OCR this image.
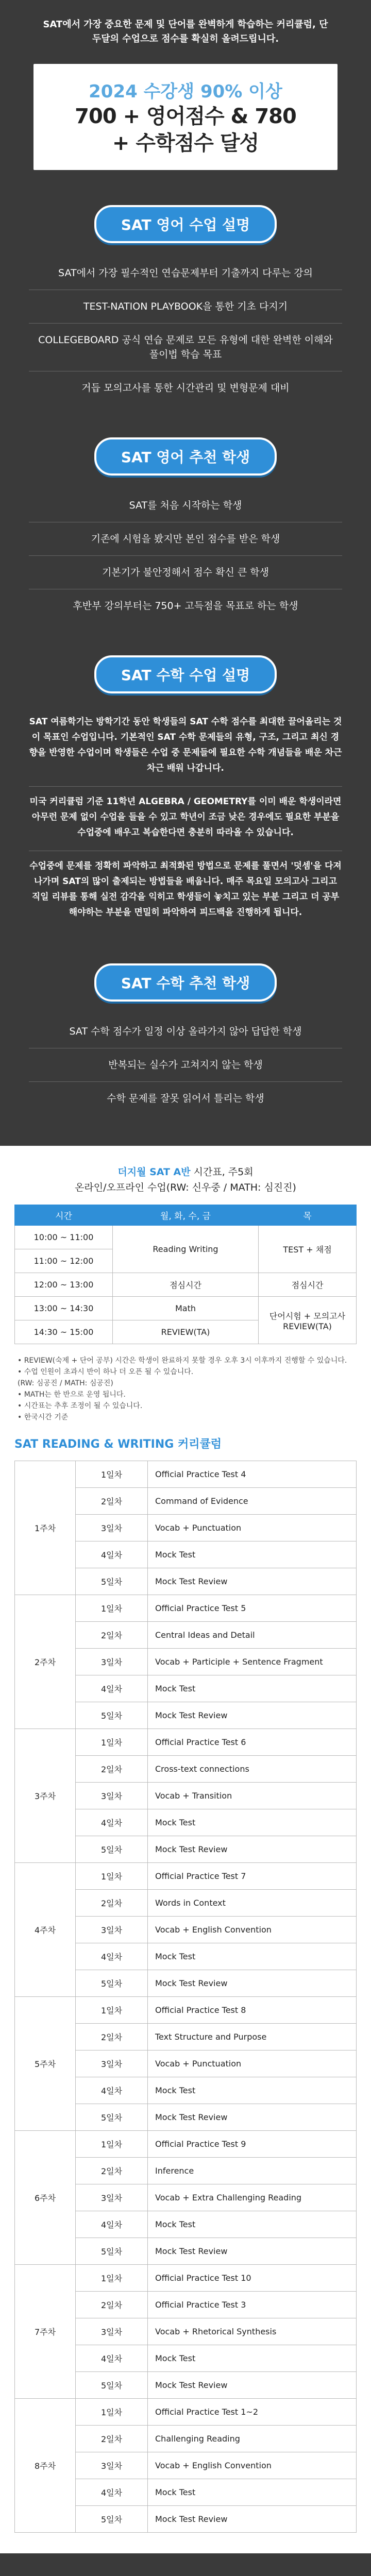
SAT에서 가장 중요한 문제 및 단어를 완벽하게 학습하는 커리큘럼, 단 두달의 수업으로 점수를 확실히 올려드립니다.

2024 수강생 90% 이상
700 + 영어점수 & 780
+ 수학점수 달성
SAT 영어 수업 설명
SAT에서 가장 필수적인 연습문제부터 기출까지 다루는 강의
TEST-NATION PLAYBOOK을 통한 기초 다지기
COLLEGEBOARD 공식 연습 문제로 모든 유형에 대한 완벽한 이해와 풀이법 학습 목표
거듭 모의고사를 통한 시간관리 및 변형문제 대비
SAT 영어 추천 학생
SAT를 처음 시작하는 학생
기존에 시험을 봤지만 본인 점수를 받은 학생
기본기가 불안정해서 점수 확신 큰 학생
후반부 강의부터는 750+ 고득점을 목표로 하는 학생
SAT 수학 수업 설명

SAT 여름학기는 방학기간 동안 학생들의 SAT 수학 점수를 최대한 끌어올리는 것이 목표인 수업입니다. 기본적인 SAT 수학 문제들의 유형, 구조, 그리고 최신 경향을 반영한 수업이며 학생들은 수업 중 문제들에 필요한 수학 개념들을 배운 차근차근 배워 나갑니다.

미국 커리큘럼 기준 11학년 ALGEBRA / GEOMETRY를 이미 배운 학생이라면 아무런 문제 없이 수업을 들을 수 있고 학년이 조금 낮은 경우에도 필요한 부분을 수업중에 배우고 복습한다면 충분히 따라올 수 있습니다.

수업중에 문제를 정확히 파악하고 최적화된 방법으로 문제를 풀면서 '덧셈'을 다져 나가며 SAT의 많이 출제되는 방법들을 배웁니다. 매주 목요일 모의고사 그리고 직일 리뷰를 통해 실전 감각을 익히고 학생들이 놓치고 있는 부분 그리고 더 공부해야하는 부분을 면밀히 파악하여 피드백을 진행하게 됩니다.

SAT 수학 추천 학생
SAT 수학 점수가 일정 이상 올라가지 않아 답답한 학생
반복되는 실수가 고쳐지지 않는 학생
수학 문제를 잘못 읽어서 틀리는 학생
더지월 SAT A반 시간표, 주5회
온라인/오프라인 수업(RW: 신우중 / MATH: 심진진)
시간	월, 화, 수, 금	목
10:00 ~ 11:00	Reading Writing	TEST + 채점
11:00 ~ 12:00		
12:00 ~ 13:00	점심시간	점심시간
13:00 ~ 14:30	Math	단어시험 + 모의고사 REVIEW(TA)
14:30 ~ 15:00	REVIEW(TA)	

• REVIEW(숙제 + 단어 공부) 시간은 학생이 완료하지 못할 경우 오후 3시 이후까지 진행할 수 있습니다.

• 수업 인원이 초과시 반이 하나 더 오픈 될 수 있습니다.

(RW: 심공진 / MATH: 심공진)

• MATH는 한 반으로 운영 됩니다.

• 시간표는 추후 조정이 될 수 있습니다.

• 한국시간 기준

SAT READING & WRITING 커리큘럼
1주차	1일차	Official Practice Test 4
	2일차	Command of Evidence
	3일차	Vocab + Punctuation
	4일차	Mock Test
	5일차	Mock Test Review
2주차	1일차	Official Practice Test 5
	2일차	Central Ideas and Detail
	3일차	Vocab + Participle + Sentence Fragment
	4일차	Mock Test
	5일차	Mock Test Review
3주차	1일차	Official Practice Test 6
	2일차	Cross-text connections
	3일차	Vocab + Transition
	4일차	Mock Test
	5일차	Mock Test Review
4주차	1일차	Official Practice Test 7
	2일차	Words in Context
	3일차	Vocab + English Convention
	4일차	Mock Test
	5일차	Mock Test Review
5주차	1일차	Official Practice Test 8
	2일차	Text Structure and Purpose
	3일차	Vocab + Punctuation
	4일차	Mock Test
	5일차	Mock Test Review
6주차	1일차	Official Practice Test 9
	2일차	Inference
	3일차	Vocab + Extra Challenging Reading
	4일차	Mock Test
	5일차	Mock Test Review
7주차	1일차	Official Practice Test 10
	2일차	Official Practice Test 3
	3일차	Vocab + Rhetorical Synthesis
	4일차	Mock Test
	5일차	Mock Test Review
8주차	1일차	Official Practice Test 1~2
	2일차	Challenging Reading
	3일차	Vocab + English Convention
	4일차	Mock Test
	5일차	Mock Test Review
